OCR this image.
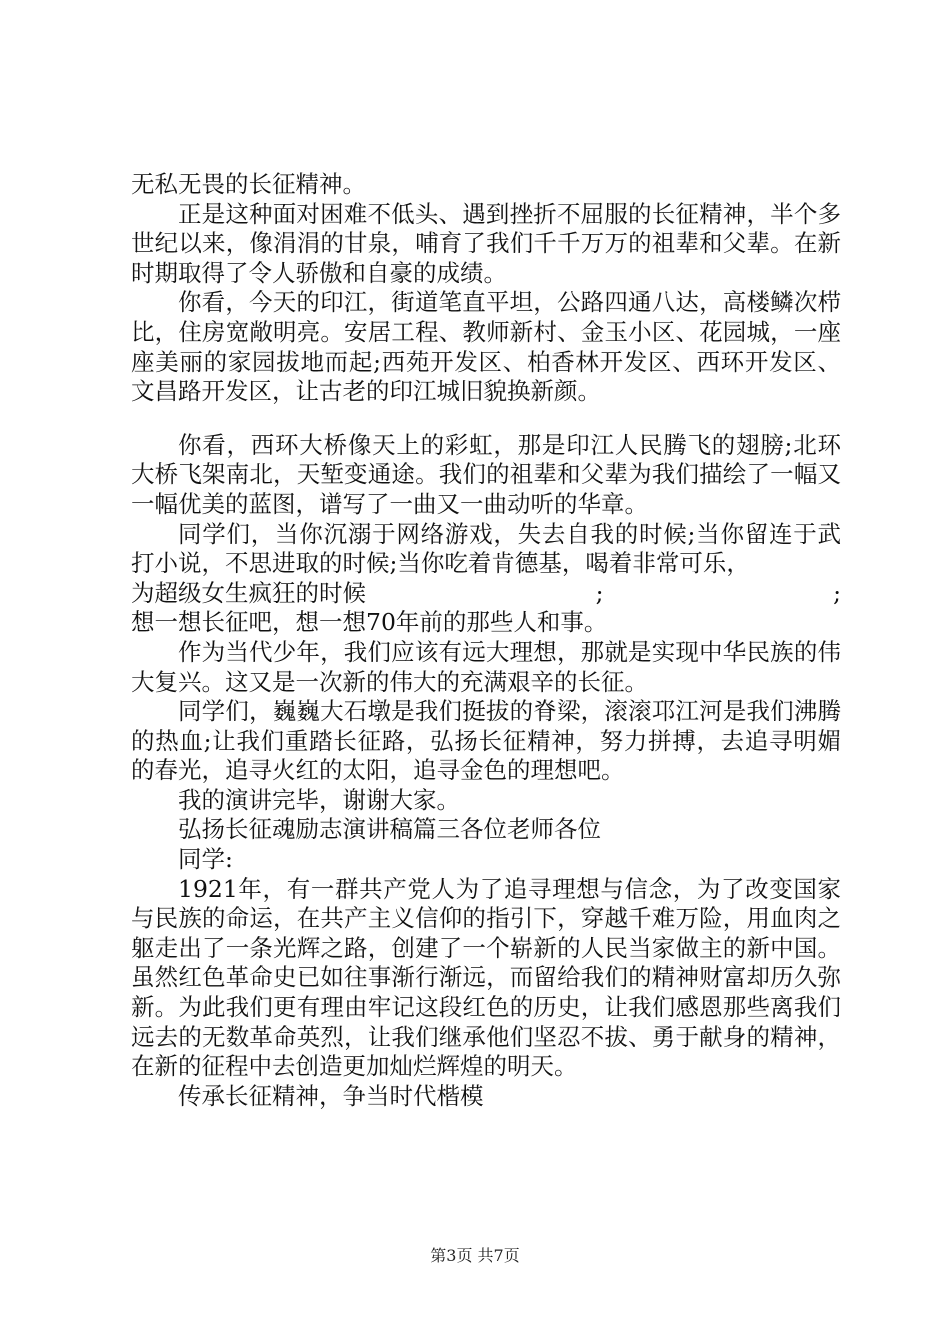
无私无畏的长征精神。

正是这种面对困难不低头、遇到挫折不屈服的长征精神，半个多世纪以来，像涓涓的甘泉，哺育了我们千千万万的祖辈和父辈。在新时期取得了令人骄傲和自豪的成绩。

你看，今天的印江，街道笔直平坦，公路四通八达，高楼鳞次栉比，住房宽敞明亮。安居工程、教师新村、金玉小区、花园城，一座座美丽的家园拔地而起;西苑开发区、柏香林开发区、西环开发区、文昌路开发区，让古老的印江城旧貌换新颜。

你看，西环大桥像天上的彩虹，那是印江人民腾飞的翅膀;北环大桥飞架南北，天堑变通途。我们的祖辈和父辈为我们描绘了一幅又一幅优美的蓝图，谱写了一曲又一曲动听的华章。

同学们，当你沉溺于网络游戏，失去自我的时候;当你留连于武打小说，不思进取的时候;当你吃着肯德基，喝着非常可乐，

为超级女生疯狂的时候	;	;

想一想长征吧，想一想70年前的那些人和事。

作为当代少年，我们应该有远大理想，那就是实现中华民族的伟大复兴。这又是一次新的伟大的充满艰辛的长征。

同学们，巍巍大石墩是我们挺拔的脊梁，滚滚邛江河是我们沸腾的热血;让我们重踏长征路，弘扬长征精神，努力拼搏，去追寻明媚的春光，追寻火红的太阳，追寻金色的理想吧。

我的演讲完毕，谢谢大家。

弘扬长征魂励志演讲稿篇三各位老师各位

同学:

1921年，有一群共产党人为了追寻理想与信念，为了改变国家与民族的命运，在共产主义信仰的指引下，穿越千难万险，用血肉之躯走出了一条光辉之路，创建了一个崭新的人民当家做主的新中国。虽然红色革命史已如往事渐行渐远，而留给我们的精神财富却历久弥新。为此我们更有理由牢记这段红色的历史，让我们感恩那些离我们远去的无数革命英烈，让我们继承他们坚忍不拔、勇于献身的精神，在新的征程中去创造更加灿烂辉煌的明天。

传承长征精神，争当时代楷模

第3页 共7页
